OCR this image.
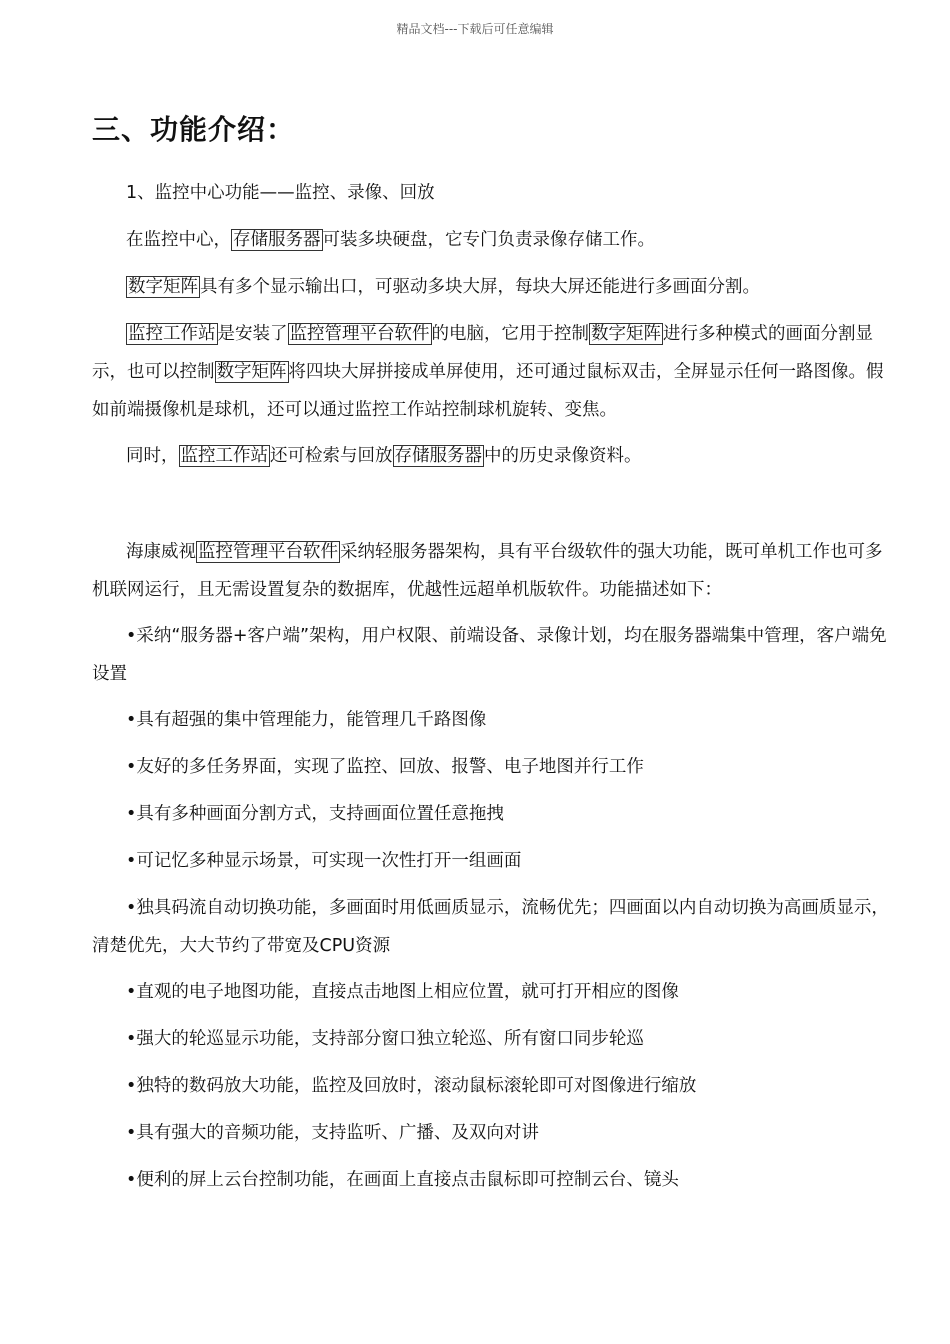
精品文档---下载后可任意编辑
三、功能介绍：

1、监控中心功能——监控、录像、回放

在监控中心， 存储服务器 可装多块硬盘，它专门负责录像存储工作。

数字矩阵 具有多个显示输出口，可驱动多块大屏，每块大屏还能进行多画面分割。

监控工作站 是安装了 监控管理平台软件 的电脑，它用于控制 数字矩阵 进行多种模式的画面分割显示，也可以控制 数字矩阵 将四块大屏拼接成单屏使用，还可通过鼠标双击，全屏显示任何一路图像。假如前端摄像机是球机，还可以通过监控工作站控制球机旋转、变焦。

同时， 监控工作站 还可检索与回放 存储服务器 中的历史录像资料。

海康威视 监控管理平台软件 采纳轻服务器架构，具有平台级软件的强大功能，既可单机工作也可多机联网运行，且无需设置复杂的数据库，优越性远超单机版软件。功能描述如下：

•采纳“服务器+客户端”架构，用户权限、前端设备、录像计划，均在服务器端集中管理，客户端免设置

•具有超强的集中管理能力，能管理几千路图像

•友好的多任务界面，实现了监控、回放、报警、电子地图并行工作

•具有多种画面分割方式，支持画面位置任意拖拽

•可记忆多种显示场景，可实现一次性打开一组画面

•独具码流自动切换功能，多画面时用低画质显示，流畅优先；四画面以内自动切换为高画质显示，清楚优先，大大节约了带宽及CPU资源

•直观的电子地图功能，直接点击地图上相应位置，就可打开相应的图像

•强大的轮巡显示功能，支持部分窗口独立轮巡、所有窗口同步轮巡

•独特的数码放大功能，监控及回放时，滚动鼠标滚轮即可对图像进行缩放

•具有强大的音频功能，支持监听、广播、及双向对讲

•便利的屏上云台控制功能，在画面上直接点击鼠标即可控制云台、镜头
